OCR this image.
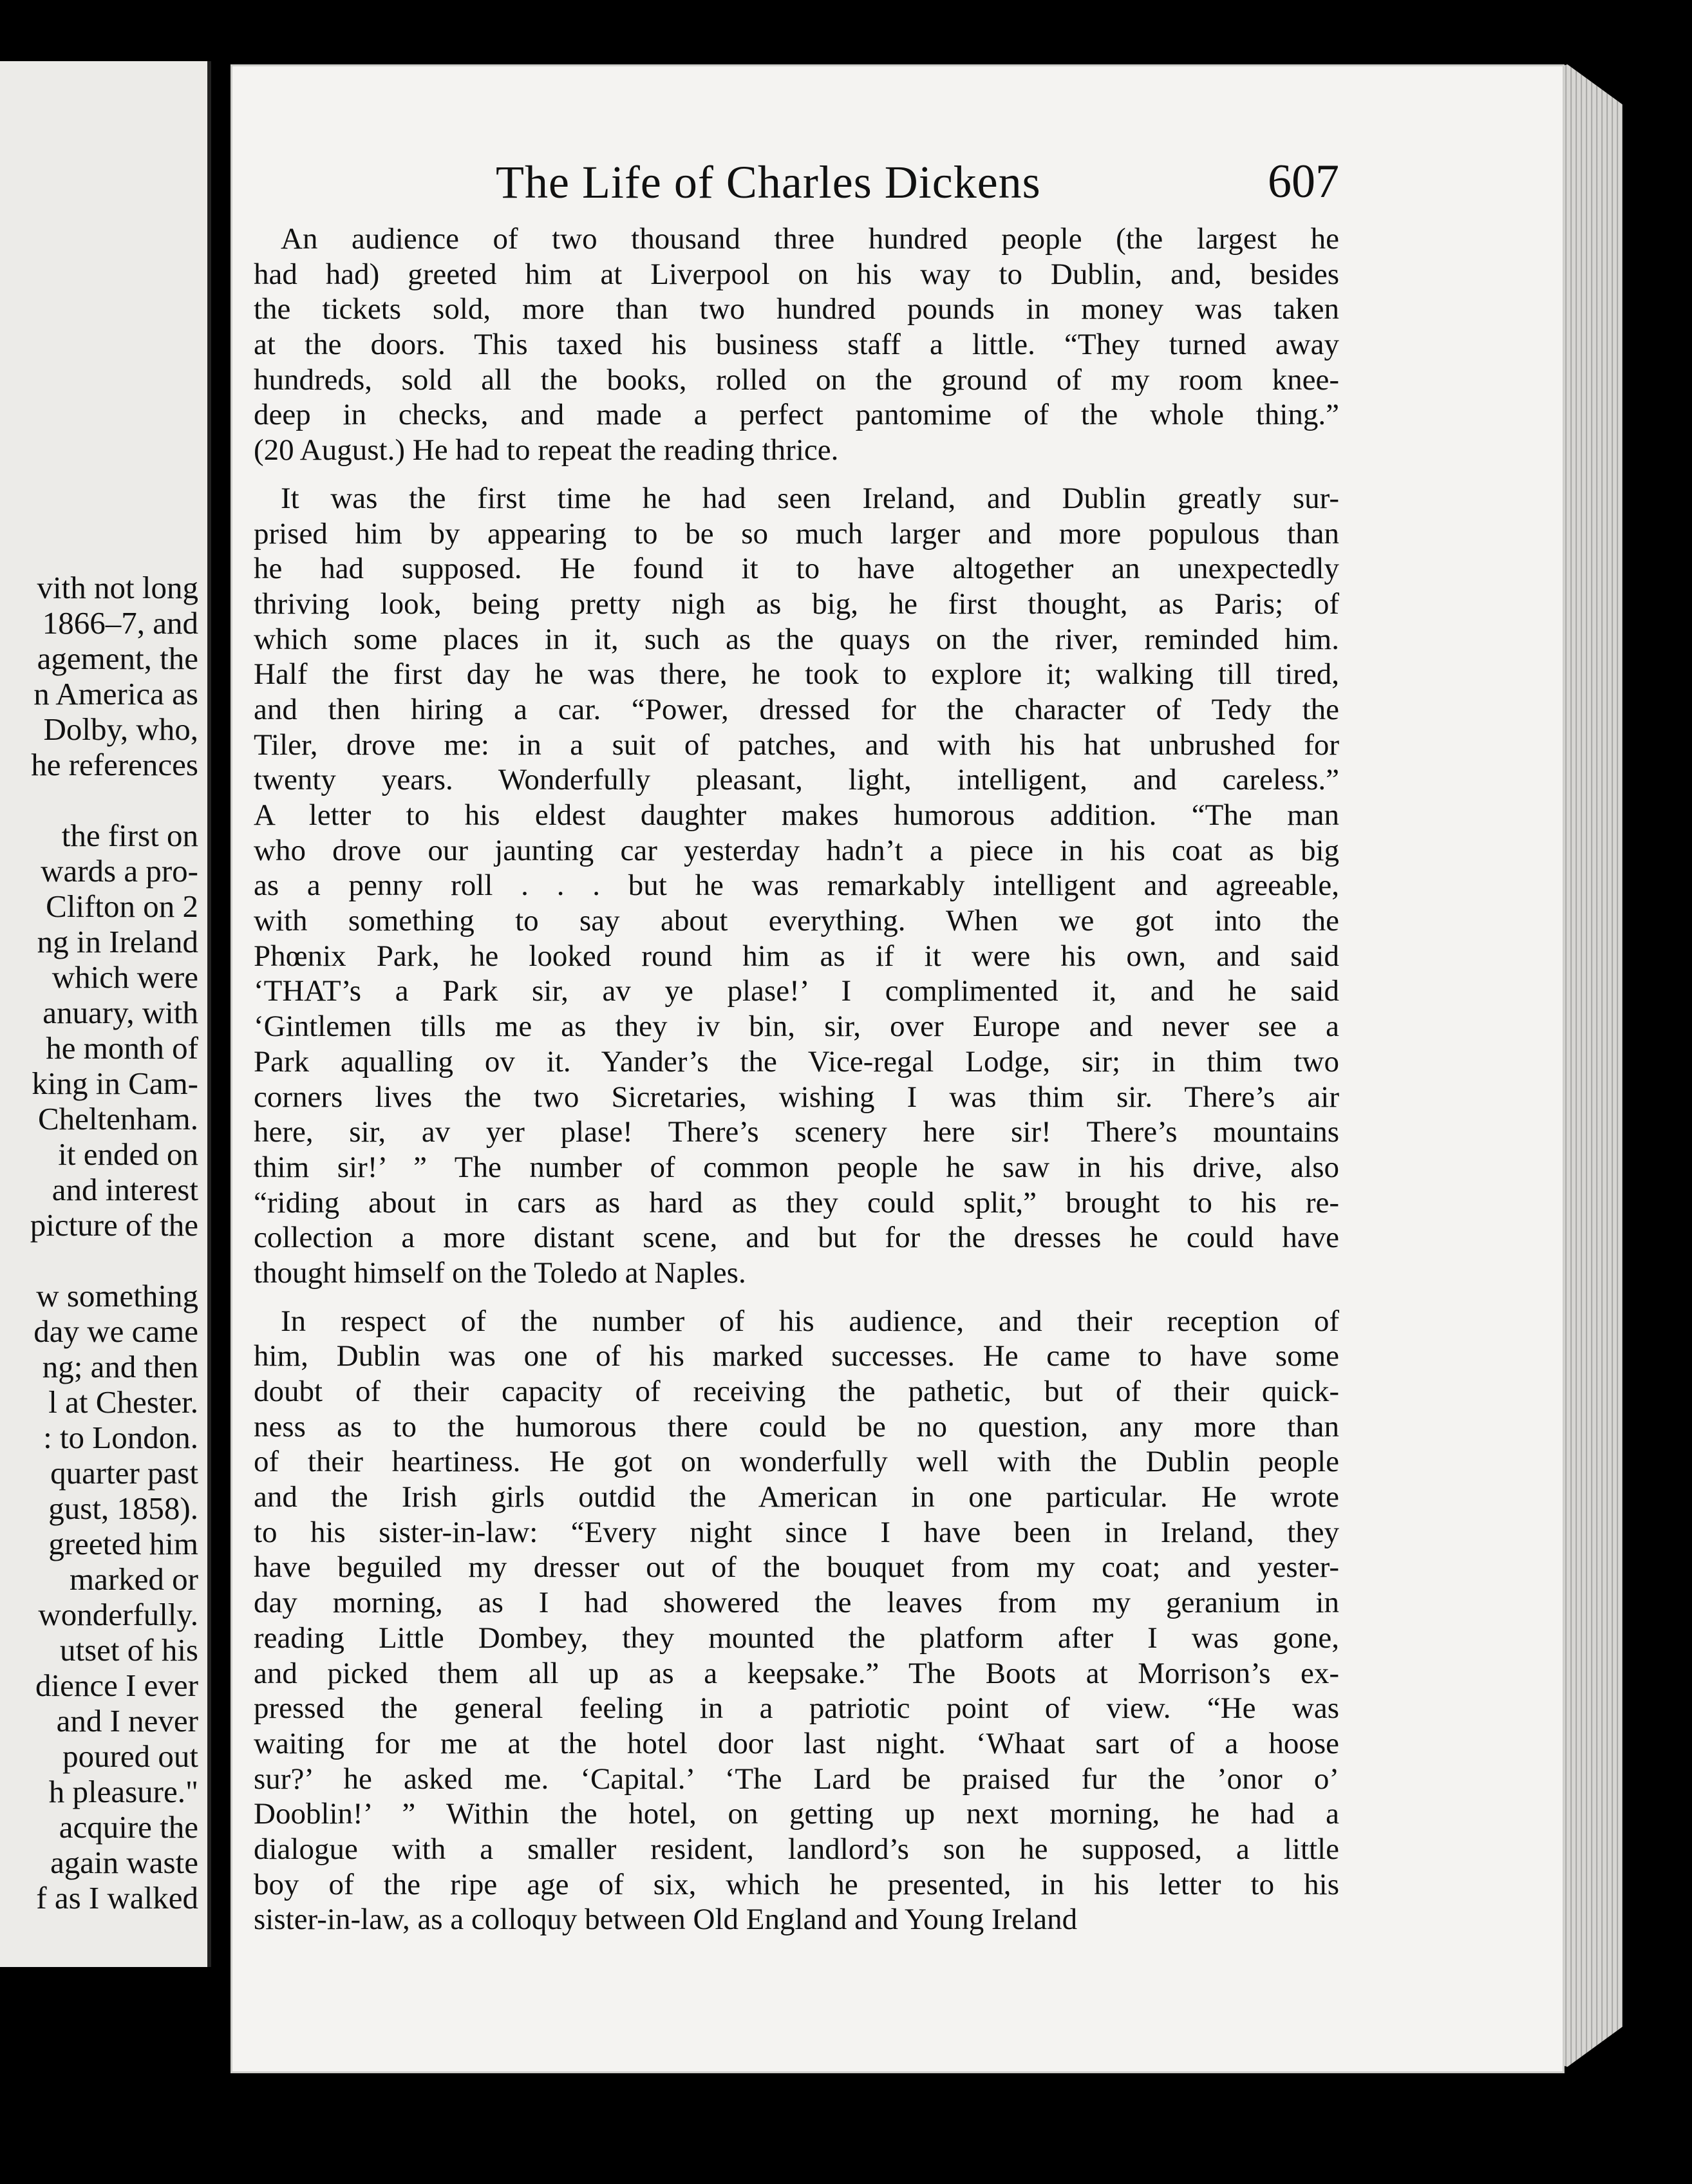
vith not long
1866–7, and
agement, the
n America as
Dolby, who,
he references
the first on
wards a pro-
Clifton on 2
ng in Ireland
which were
anuary, with
he month of
king in Cam-
Cheltenham.
it ended on
and interest
picture of the
w something
day we came
ng; and then
l at Chester.
: to London.
quarter past
gust, 1858).
greeted him
marked or
wonderfully.
utset of his
dience I ever
and I never
poured out
h pleasure."
acquire the
again waste
f as I walked
The Life of Charles Dickens	607
An audience of two thousand three hundred people (the largest he
had had) greeted him at Liverpool on his way to Dublin, and, besides
the tickets sold, more than two hundred pounds in money was taken
at the doors. This taxed his business staff a little. “They turned away
hundreds, sold all the books, rolled on the ground of my room knee-
deep in checks, and made a perfect pantomime of the whole thing.”
(20 August.) He had to repeat the reading thrice.
It was the first time he had seen Ireland, and Dublin greatly sur-
prised him by appearing to be so much larger and more populous than
he had supposed. He found it to have altogether an unexpectedly
thriving look, being pretty nigh as big, he first thought, as Paris; of
which some places in it, such as the quays on the river, reminded him.
Half the first day he was there, he took to explore it; walking till tired,
and then hiring a car. “Power, dressed for the character of Tedy the
Tiler, drove me: in a suit of patches, and with his hat unbrushed for
twenty years. Wonderfully pleasant, light, intelligent, and careless.”
A letter to his eldest daughter makes humorous addition. “The man
who drove our jaunting car yesterday hadn’t a piece in his coat as big
as a penny roll . . . but he was remarkably intelligent and agreeable,
with something to say about everything. When we got into the
Phœnix Park, he looked round him as if it were his own, and said
‘THAT’s a Park sir, av ye plase!’ I complimented it, and he said
‘Gintlemen tills me as they iv bin, sir, over Europe and never see a
Park aqualling ov it. Yander’s the Vice-regal Lodge, sir; in thim two
corners lives the two Sicretaries, wishing I was thim sir. There’s air
here, sir, av yer plase! There’s scenery here sir! There’s mountains
thim sir!’ ” The number of common people he saw in his drive, also
“riding about in cars as hard as they could split,” brought to his re-
collection a more distant scene, and but for the dresses he could have
thought himself on the Toledo at Naples.
In respect of the number of his audience, and their reception of
him, Dublin was one of his marked successes. He came to have some
doubt of their capacity of receiving the pathetic, but of their quick-
ness as to the humorous there could be no question, any more than
of their heartiness. He got on wonderfully well with the Dublin people
and the Irish girls outdid the American in one particular. He wrote
to his sister-in-law: “Every night since I have been in Ireland, they
have beguiled my dresser out of the bouquet from my coat; and yester-
day morning, as I had showered the leaves from my geranium in
reading Little Dombey, they mounted the platform after I was gone,
and picked them all up as a keepsake.” The Boots at Morrison’s ex-
pressed the general feeling in a patriotic point of view. “He was
waiting for me at the hotel door last night. ‘Whaat sart of a hoose
sur?’ he asked me. ‘Capital.’ ‘The Lard be praised fur the ’onor o’
Dooblin!’ ” Within the hotel, on getting up next morning, he had a
dialogue with a smaller resident, landlord’s son he supposed, a little
boy of the ripe age of six, which he presented, in his letter to his
sister-in-law, as a colloquy between Old England and Young Ireland
